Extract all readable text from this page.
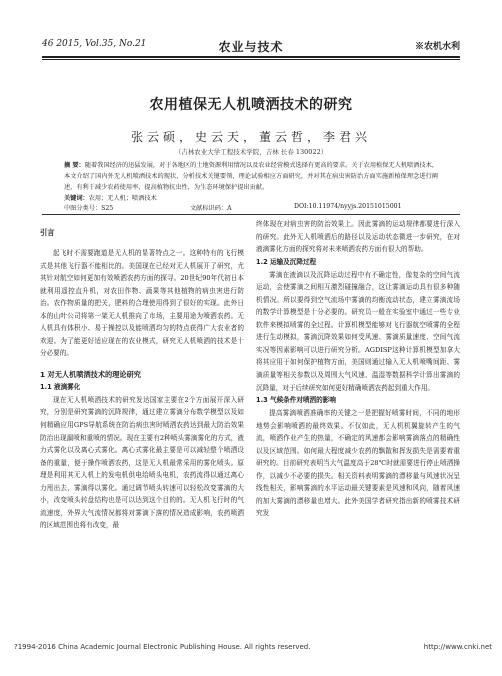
46 2015, Vol.35, No.21	农业与技术	※农机水利
农用植保无人机喷洒技术的研究
张云硕，史云天，董云哲，李君兴
（吉林农业大学工程技术学院，吉林 长春 130022）
摘 要：随着我国经济的迅猛发展，对于各地区的土地资源利用情况以及农业经营模式选择有更高的要求。关于农用植保无人机喷洒技术，本文介绍了国内外无人机喷洒技术的现状，分析技术关键要领，理论试验相应方面研究，并对其在病虫害防治方面实施新植保理念进行阐述，有利于减少农药使用率，提高植物抗虫性，为生态环境保护提出贡献。
关键词：农用；无人机；喷洒技术
中图分类号：S25	文献标识码：A	DOI:10.11974/nyyjs.20151015001
引言

起飞时不需要跑道是无人机的显著特点之一。这种特有的飞行模式是其他飞行器不能相比的。美国现在已经对无人机展开了研究，尤其针对航空如何更加有效喷洒农药方面的探寻。20世纪90年代初日本就利用遥控直升机，对农田作物、蔬果等其他植物的病虫害进行防治。农作物质量的把关，肥料的合理使用得到了很好的实现。此外日本的山叶公司将第一架无人机推向了市场，主要用途为喷洒农药。无人机具有体积小、易于操控以及能喷洒均匀的特点获得广大农业者的欢迎。为了能更好适应现在的农业模式，研究无人机喷洒的技术是十分必要的。

1 对无人机喷洒技术的理论研究
1.1 液滴雾化

现在无人机喷洒技术的研究发达国家主要在2个方面展开深入研究，分别是研究雾滴的沉降规律，通过建立雾滴分布数学模型以及如何精确应用GPS导航系统在防治病虫害时喷洒农药达到最大防治效果防治出现漏喷和重喷的情况。现在主要有2种喷头雾滴雾化的方式，液力式雾化以及离心式雾化。离心式雾化最主要是可以减轻整个喷洒设备的重量，便于操作喷洒农药，这是无人机最常采用的雾化喷头。原理是利用其无人机上的发电机供电给喷头电机，农药流得以通过离心力甩出去，雾滴得以雾化。通过调节喷头转速可以轻松改变雾滴的大小，改变喷头转盘结构也是可以达到这个目的的。无人机飞行时的气流速度，外界大气流情况都将对雾滴下落的情况造成影响，农药喷洒的区域范围也将有改变，最

终体现在对病虫害的防治效果上。因此雾滴的运动规律都要进行深入的研究。此外无人机喷洒后的路径以及运动状态微进一步研究，在对液滴雾化方面的探究将对未来喷洒农药方面有很大的帮助。

1.2 运输及沉降过程

雾滴在液滴以及沉降运动过程中有不确定性，像复杂的空间气流运动，会使雾滴之间相互激烈碰撞融合，这让雾滴运动具有很多种随机情况。所以要得到空气流场中雾滴的均衡流动状态，建立雾滴流场的数学计算模型是十分必要的。研究员一般在实验室中通过一些专业软件来模拟喷雾的全过程。计算机模型能够对飞行器航空喷雾的全程进行生动模拟，雾滴沉降效果如何受风速、雾滴质量速度、空间气流实况等因素影响可以进行研究分析。AGDISP这种计算机模型加拿大将其应用于如何保护植物方面，美国则通过输入无人机喷嘴间距、雾滴质量等相关参数以及周围大气风速、温湿等数据科学计算出雾滴的沉降量，对于后续研究如何更好精确喷洒农药起到重大作用。

1.3 气候条件对喷洒的影响

提高雾滴喷洒准确率的关键之一是把握好喷雾时间，不同的地形地势会影响喷洒的最终效果。不仅如此，无人机机翼旋转产生的气流，喷洒作业产生的热量，不确定的风速都会影响雾滴落点的精确性以及区域范围。如何最大程度减少农药的飘散和挥发损失是需要着重研究的。目前研究表明当大气温度高于28℃时就需要进行停止喷洒操作，以减少不必要的损失。相关资料表明雾滴的漂移量与风速状况呈线性相关，影响雾滴的水平运动最关键要素是风速和风向，随着风速的加大雾滴的漂移量也增大。此外美国学者研究指出新的喷雾技术研究发

?1994-2016 China Academic Journal Electronic Publishing House. All rights reserved.	http://www.cnki.net
